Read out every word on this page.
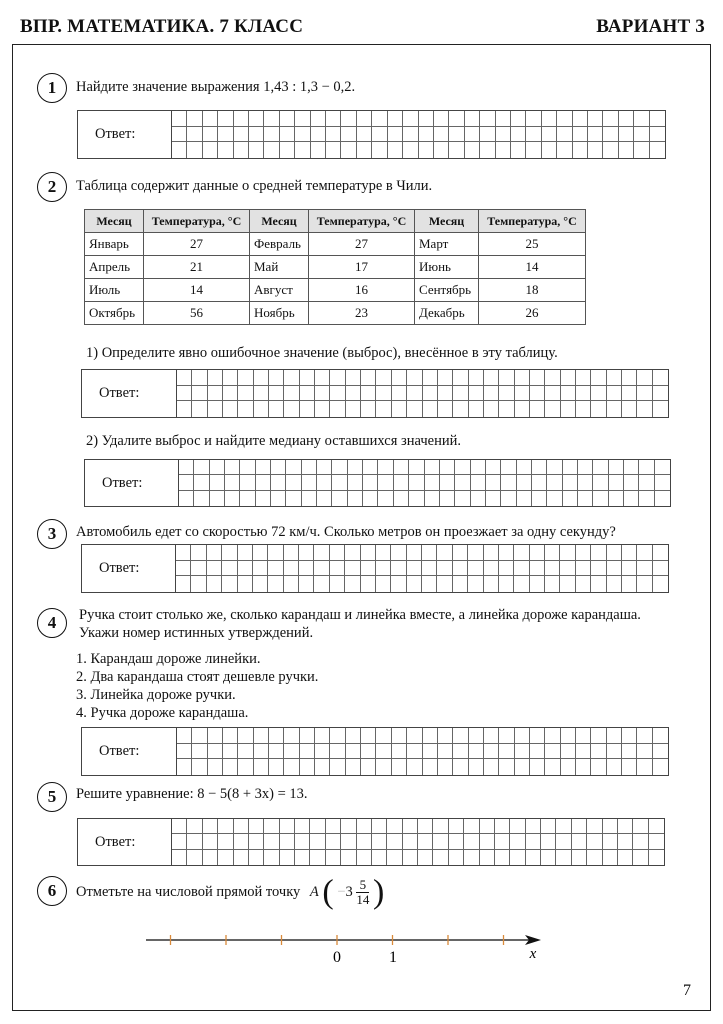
ВПР. МАТЕМАТИКА. 7 КЛАСС	ВАРИАНТ 3
1	Найдите значение выражения 1,43 : 1,3 − 0,2.
Ответ:
2	Таблица содержит данные о средней температуре в Чили.
Месяц	Температура, °C	Месяц	Температура, °C	Месяц	Температура, °C
Январь	27	Февраль	27	Март	25
Апрель	21	Май	17	Июнь	14
Июль	14	Август	16	Сентябрь	18
Октябрь	56	Ноябрь	23	Декабрь	26
1) Определите явно ошибочное значение (выброс), внесённое в эту таблицу.
Ответ:
2) Удалите выброс и найдите медиану оставшихся значений.
Ответ:
3	Автомобиль едет со скоростью 72 км/ч. Сколько метров он проезжает за одну секунду?
Ответ:
4	Ручка стоит столько же, сколько карандаш и линейка вместе, а линейка дороже карандаша.
Укажи номер истинных утверждений.
1. Карандаш дороже линейки.
2. Два карандаша стоят дешевле ручки.
3. Линейка дороже ручки.
4. Ручка дороже карандаша.
Ответ:
5	Решите уравнение: 8 − 5(8 + 3x) = 13.
Ответ:
6	Отметьте на числовой прямой точку A ( $-3 \frac{5}{14}$ )
0	1	x
7
